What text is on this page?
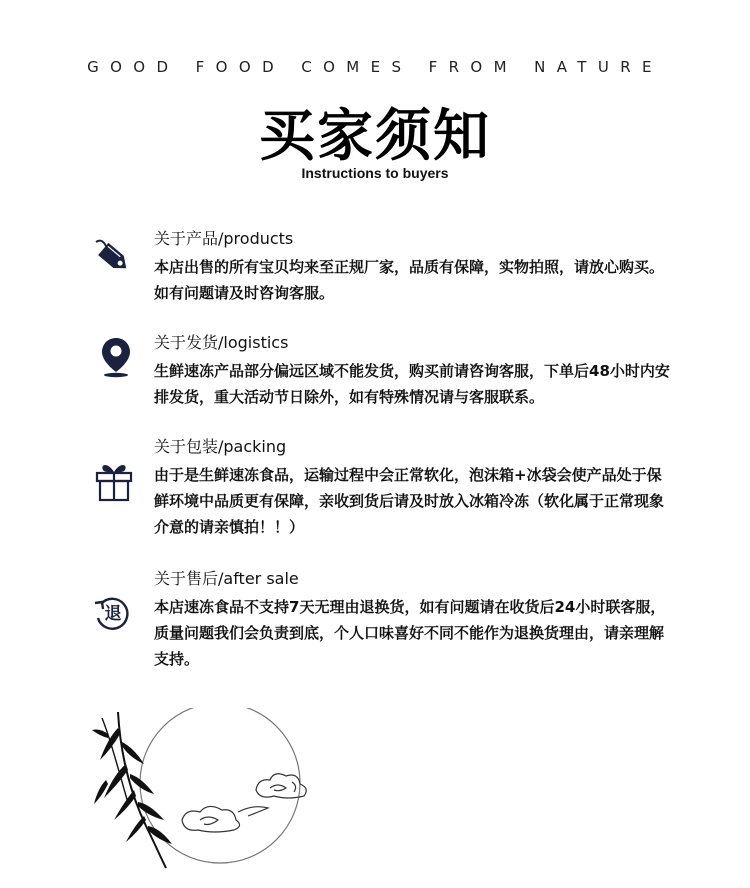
GOOD FOOD COMES FROM NATURE
买家须知
Instructions to buyers
关于产品/products
本店出售的所有宝贝均来至正规厂家，品质有保障，实物拍照，请放心购买。如有问题请及时咨询客服。
关于发货/logistics
生鲜速冻产品部分偏远区域不能发货，购买前请咨询客服，下单后48小时内安排发货，重大活动节日除外，如有特殊情况请与客服联系。
关于包装/packing
由于是生鲜速冻食品，运输过程中会正常软化，泡沫箱+冰袋会使产品处于保鲜环境中品质更有保障，亲收到货后请及时放入冰箱冷冻（软化属于正常现象介意的请亲慎拍！！）
退
关于售后/after sale
本店速冻食品不支持7天无理由退换货，如有问题请在收货后24小时联客服，质量问题我们会负责到底，个人口味喜好不同不能作为退换货理由，请亲理解支持。
